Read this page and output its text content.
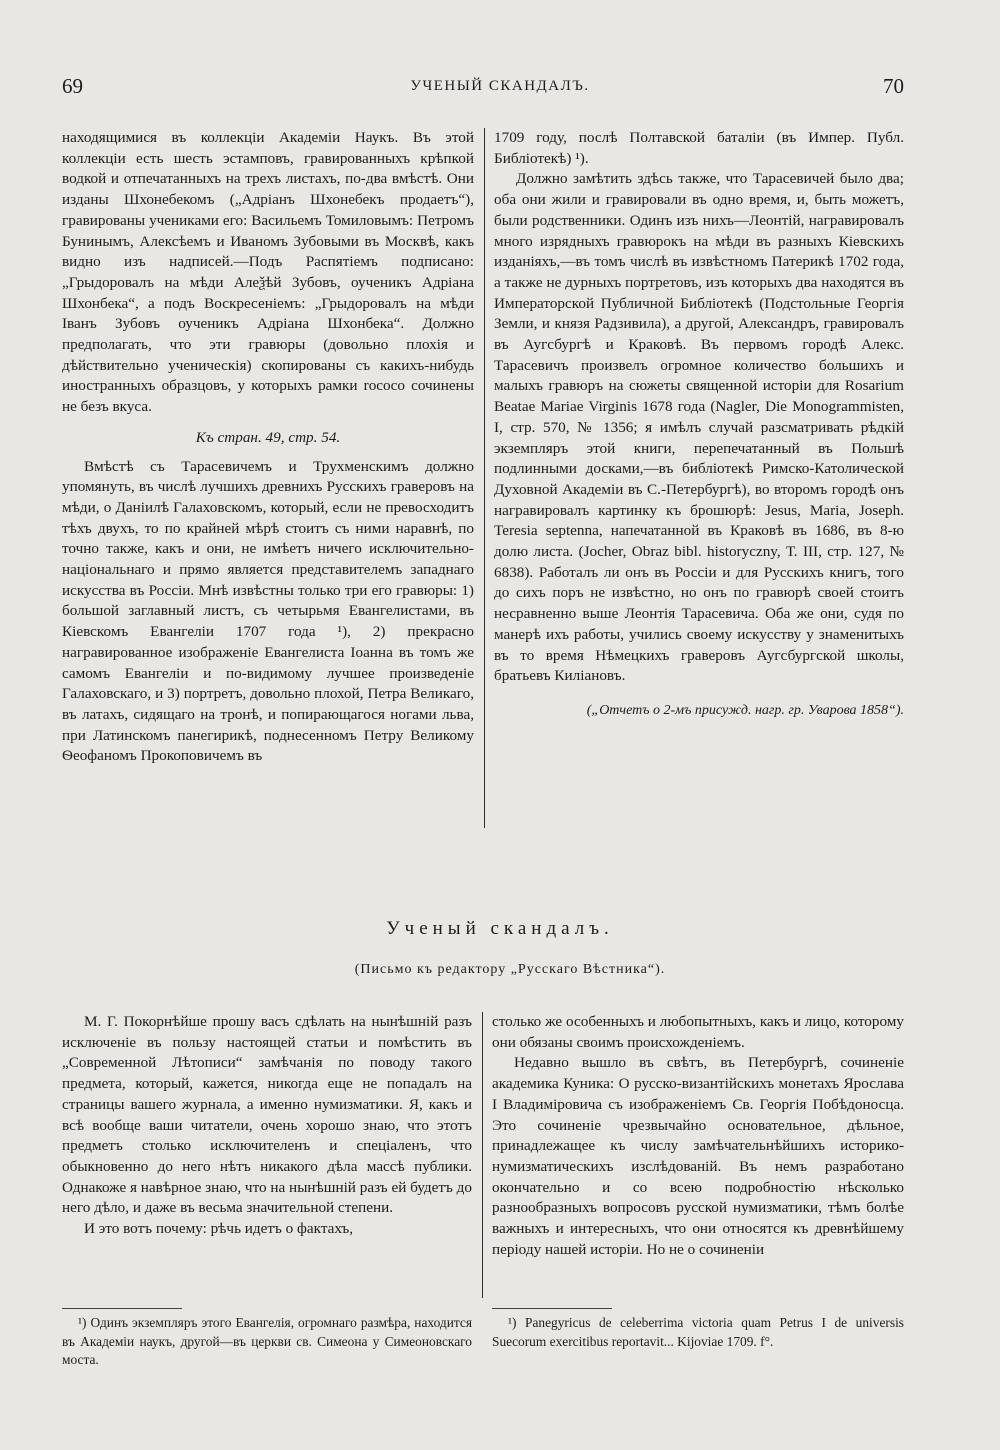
69	УЧЕНЫЙ СКАНДАЛЪ.	70

находящимися въ коллекціи Академіи Наукъ. Въ этой коллекціи есть шесть эстамповъ, гравированныхъ крѣпкой водкой и отпечатанныхъ на трехъ листахъ, по-два вмѣстѣ. Они изданы Шхонебекомъ („Адріанъ Шхонебекъ продаетъ“), гравированы учениками его: Васильемъ Томиловымъ: Петромъ Бунинымъ, Алексѣемъ и Иваномъ Зубовыми въ Москвѣ, какъ видно изъ надписей.—Подъ Распятіемъ подписано: „Грыдоровалъ на мѣди Алеѯѣй Зубовъ, оученикъ Адріана Шхонбека“, а подъ Воскресеніемъ: „Грыдоровалъ на мѣди Іванъ Зубовъ оученикъ Адріана Шхонбека“. Должно предполагать, что эти гравюры (довольно плохія и дѣйствительно ученическія) скопированы съ какихъ-нибудь иностранныхъ образцовъ, у которыхъ рамки rococo сочинены не безъ вкуса.

Къ стран. 49, стр. 54.

Вмѣстѣ съ Тарасевичемъ и Трухменскимъ должно упомянуть, въ числѣ лучшихъ древнихъ Русскихъ граверовъ на мѣди, о Даніилѣ Галаховскомъ, который, если не превосходитъ тѣхъ двухъ, то по крайней мѣрѣ стоитъ съ ними наравнѣ, по точно также, какъ и они, не имѣетъ ничего исключительно-національнаго и прямо является представителемъ западнаго искусства въ Россіи. Мнѣ извѣстны только три его гравюры: 1) большой заглавный листъ, съ четырьмя Евангелистами, въ Кіевскомъ Евангеліи 1707 года ¹), 2) прекрасно награвированное изображеніе Евангелиста Іоанна въ томъ же самомъ Евангеліи и по-видимому лучшее произведеніе Галаховскаго, и 3) портретъ, довольно плохой, Петра Великаго, въ латахъ, сидящаго на тронѣ, и попирающагося ногами льва, при Латинскомъ панегирикѣ, поднесенномъ Петру Великому Ѳеофаномъ Прокоповичемъ въ

1709 году, послѣ Полтавской баталіи (въ Импер. Публ. Библіотекѣ) ¹).

Должно замѣтить здѣсь также, что Тарасевичей было два; оба они жили и гравировали въ одно время, и, быть можетъ, были родственники. Одинъ изъ нихъ—Леонтій, награвировалъ много изрядныхъ гравюрокъ на мѣди въ разныхъ Кіевскихъ изданіяхъ,—въ томъ числѣ въ извѣстномъ Патерикѣ 1702 года, а также не дурныхъ портретовъ, изъ которыхъ два находятся въ Императорской Публичной Библіотекѣ (Подстольные Георгія Земли, и князя Радзивила), а другой, Александръ, гравировалъ въ Аугсбургѣ и Краковѣ. Въ первомъ городѣ Алекс. Тарасевичъ произвелъ огромное количество большихъ и малыхъ гравюръ на сюжеты священной исторіи для Rosarium Beatae Mariae Virginis 1678 года (Nagler, Die Monogrammisten, I, стр. 570, № 1356; я имѣлъ случай разсматривать рѣдкій экземпляръ этой книги, перепечатанный въ Польшѣ подлинными досками,—въ библіотекѣ Римско-Католической Духовной Академіи въ С.-Петербургѣ), во второмъ городѣ онъ награвировалъ картинку къ брошюрѣ: Jesus, Maria, Joseph. Teresia septenna, напечатанной въ Краковѣ въ 1686, въ 8-ю долю листа. (Jocher, Obraz bibl. historyczny, Т. III, стр. 127, № 6838). Работалъ ли онъ въ Россіи и для Русскихъ книгъ, того до сихъ поръ не извѣстно, но онъ по гравюрѣ своей стоитъ несравненно выше Леонтія Тарасевича. Оба же они, судя по манерѣ ихъ работы, учились своему искусству у знаменитыхъ въ то время Нѣмецкихъ граверовъ Аугсбургской школы, братьевъ Киліановъ.

(„Отчетъ о 2-мъ присужд. нагр. гр. Уварова 1858“).

Ученый скандалъ.
(Письмо къ редактору „Русскаго Вѣстника“).

М. Г. Покорнѣйше прошу васъ сдѣлать на нынѣшній разъ исключеніе въ пользу настоящей статьи и помѣстить въ „Современной Лѣтописи“ замѣчанія по поводу такого предмета, который, кажется, никогда еще не попадалъ на страницы вашего журнала, а именно нумизматики. Я, какъ и всѣ вообще ваши читатели, очень хорошо знаю, что этотъ предметъ столько исключителенъ и спеціаленъ, что обыкновенно до него нѣтъ никакого дѣла массѣ публики. Однакоже я навѣрное знаю, что на нынѣшній разъ ей будетъ до него дѣло, и даже въ весьма значительной степени.

И это вотъ почему: рѣчь идетъ о фактахъ,

столько же особенныхъ и любопытныхъ, какъ и лицо, которому они обязаны своимъ происхожденіемъ.

Недавно вышло въ свѣтъ, въ Петербургѣ, сочиненіе академика Куника: О русско-византійскихъ монетахъ Ярослава I Владиміровича съ изображеніемъ Св. Георгія Побѣдоносца. Это сочиненіе чрезвычайно основательное, дѣльное, принадлежащее къ числу замѣчательнѣйшихъ историко-нумизматическихъ изслѣдованій. Въ немъ разработано окончательно и со всею подробностію нѣсколько разнообразныхъ вопросовъ русской нумизматики, тѣмъ болѣе важныхъ и интересныхъ, что они относятся къ древнѣйшему періоду нашей исторіи. Но не о сочиненіи

¹) Одинъ экземпляръ этого Евангелія, огромнаго размѣра, находится въ Академіи наукъ, другой—въ церкви св. Симеона у Симеоновскаго моста.

¹) Panegyricus de celeberrima victoria quam Petrus I de universis Suecorum exercitibus reportavit... Kijoviae 1709. f°.
